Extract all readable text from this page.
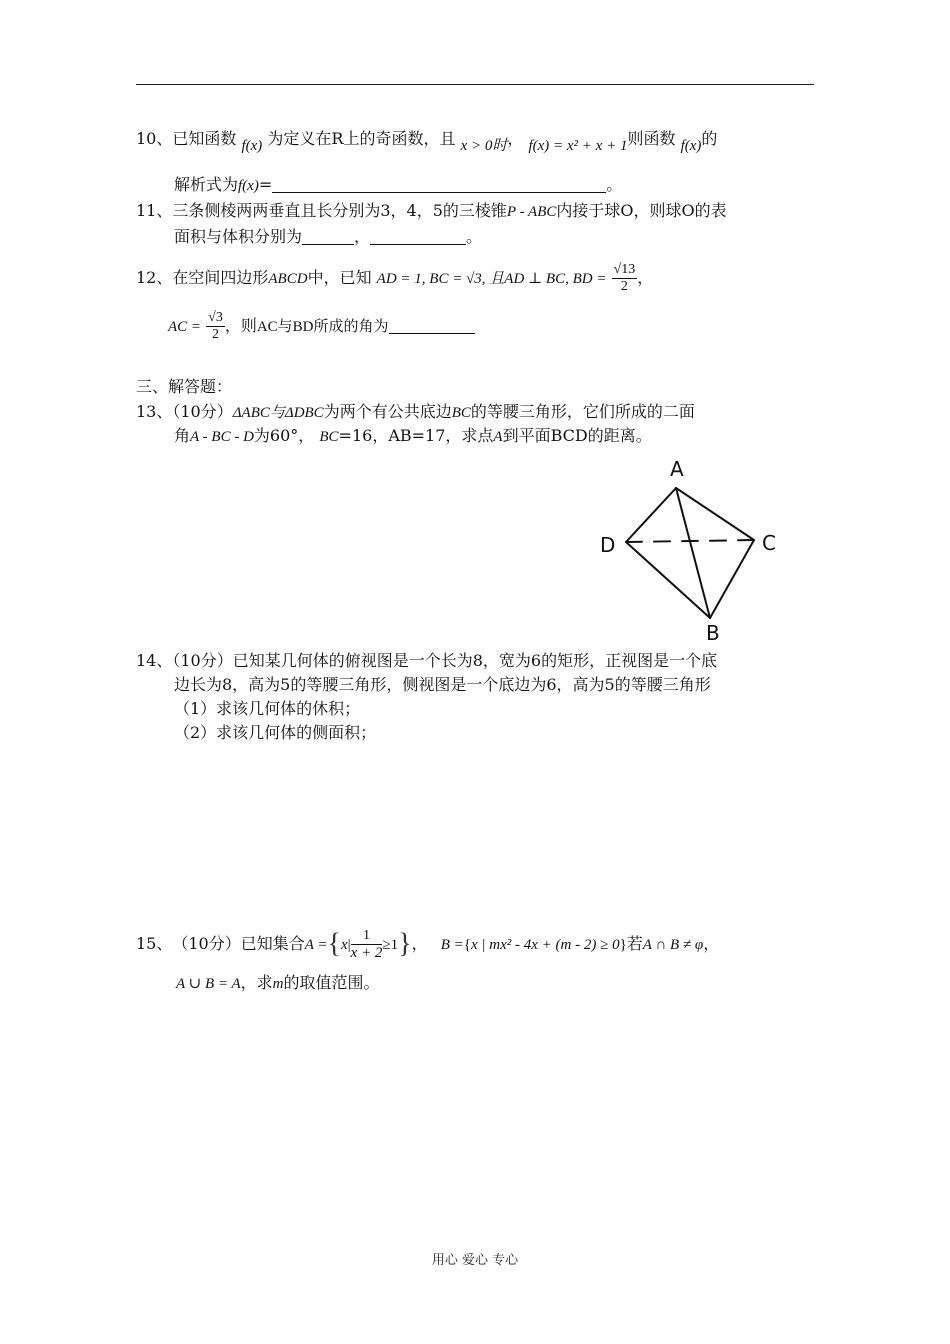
10、已知函数 f(x) 为定义在R上的奇函数，且 x > 0时， f(x) = x² + x + 1则函数 f(x)的
解析式为f(x)=	。
11、三条侧棱两两垂直且长分别为3，4，5的三棱锥P - ABC内接于球O，则球O的表
面积与体积分别为	，	。
12、在空间四边形ABCD中，已知 AD = 1, BC = √3, 且AD ⊥ BC, BD = $\frac{√13}{2}$ ，
AC = $\frac{√3}{2}$ ，则AC与BD所成的角为
三、解答题：
13、（10分）ΔABC与ΔDBC为两个有公共底边BC的等腰三角形，它们所成的二面
角A - BC - D为60°， BC=16，AB=17，求点A到平面BCD的距离。
A
D	C
B
14、（10分）已知某几何体的俯视图是一个长为8，宽为6的矩形，正视图是一个底
边长为8，高为5的等腰三角形，侧视图是一个底边为6，高为5的等腰三角形
（1）求该几何体的休积；
（2）求该几何体的侧面积；
15、 （10分）已知集合$A =\{x| \frac{1}{x + 2} \ge 1\}$， B ={x | mx² - 4x + (m - 2) ≥ 0}若A ∩ B ≠ φ，
A ∪ B = A，求m的取值范围。
用心 爱心 专心
